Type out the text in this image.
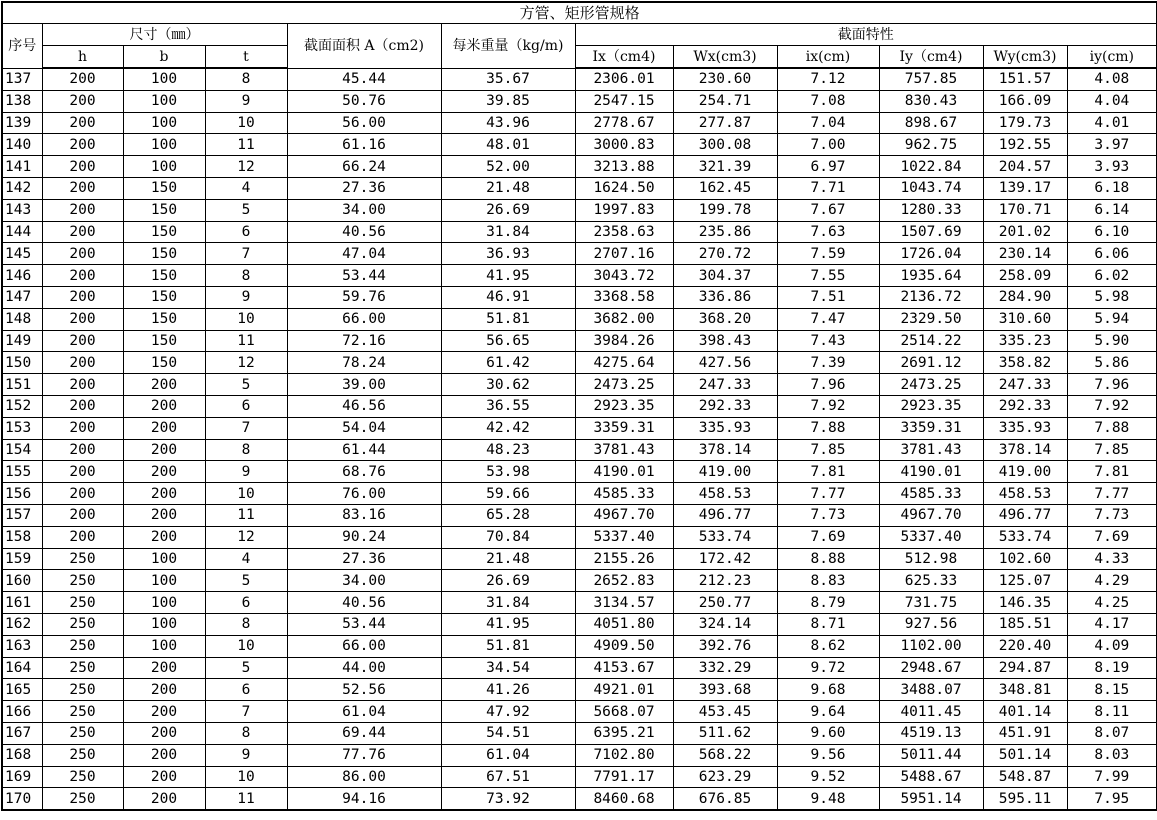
方管、矩形管规格											
序号	尺寸（㎜）			截面面积 A（cm2)	每米重量（kg/m)	截面特性					
	h	b	t			Ix（cm4)	Wx(cm3)	ix(cm)	Iy（cm4)	Wy(cm3)	iy(cm)
137	200	100	8	45.44	35.67	2306.01	230.60	7.12	757.85	151.57	4.08
138	200	100	9	50.76	39.85	2547.15	254.71	7.08	830.43	166.09	4.04
139	200	100	10	56.00	43.96	2778.67	277.87	7.04	898.67	179.73	4.01
140	200	100	11	61.16	48.01	3000.83	300.08	7.00	962.75	192.55	3.97
141	200	100	12	66.24	52.00	3213.88	321.39	6.97	1022.84	204.57	3.93
142	200	150	4	27.36	21.48	1624.50	162.45	7.71	1043.74	139.17	6.18
143	200	150	5	34.00	26.69	1997.83	199.78	7.67	1280.33	170.71	6.14
144	200	150	6	40.56	31.84	2358.63	235.86	7.63	1507.69	201.02	6.10
145	200	150	7	47.04	36.93	2707.16	270.72	7.59	1726.04	230.14	6.06
146	200	150	8	53.44	41.95	3043.72	304.37	7.55	1935.64	258.09	6.02
147	200	150	9	59.76	46.91	3368.58	336.86	7.51	2136.72	284.90	5.98
148	200	150	10	66.00	51.81	3682.00	368.20	7.47	2329.50	310.60	5.94
149	200	150	11	72.16	56.65	3984.26	398.43	7.43	2514.22	335.23	5.90
150	200	150	12	78.24	61.42	4275.64	427.56	7.39	2691.12	358.82	5.86
151	200	200	5	39.00	30.62	2473.25	247.33	7.96	2473.25	247.33	7.96
152	200	200	6	46.56	36.55	2923.35	292.33	7.92	2923.35	292.33	7.92
153	200	200	7	54.04	42.42	3359.31	335.93	7.88	3359.31	335.93	7.88
154	200	200	8	61.44	48.23	3781.43	378.14	7.85	3781.43	378.14	7.85
155	200	200	9	68.76	53.98	4190.01	419.00	7.81	4190.01	419.00	7.81
156	200	200	10	76.00	59.66	4585.33	458.53	7.77	4585.33	458.53	7.77
157	200	200	11	83.16	65.28	4967.70	496.77	7.73	4967.70	496.77	7.73
158	200	200	12	90.24	70.84	5337.40	533.74	7.69	5337.40	533.74	7.69
159	250	100	4	27.36	21.48	2155.26	172.42	8.88	512.98	102.60	4.33
160	250	100	5	34.00	26.69	2652.83	212.23	8.83	625.33	125.07	4.29
161	250	100	6	40.56	31.84	3134.57	250.77	8.79	731.75	146.35	4.25
162	250	100	8	53.44	41.95	4051.80	324.14	8.71	927.56	185.51	4.17
163	250	100	10	66.00	51.81	4909.50	392.76	8.62	1102.00	220.40	4.09
164	250	200	5	44.00	34.54	4153.67	332.29	9.72	2948.67	294.87	8.19
165	250	200	6	52.56	41.26	4921.01	393.68	9.68	3488.07	348.81	8.15
166	250	200	7	61.04	47.92	5668.07	453.45	9.64	4011.45	401.14	8.11
167	250	200	8	69.44	54.51	6395.21	511.62	9.60	4519.13	451.91	8.07
168	250	200	9	77.76	61.04	7102.80	568.22	9.56	5011.44	501.14	8.03
169	250	200	10	86.00	67.51	7791.17	623.29	9.52	5488.67	548.87	7.99
170	250	200	11	94.16	73.92	8460.68	676.85	9.48	5951.14	595.11	7.95
